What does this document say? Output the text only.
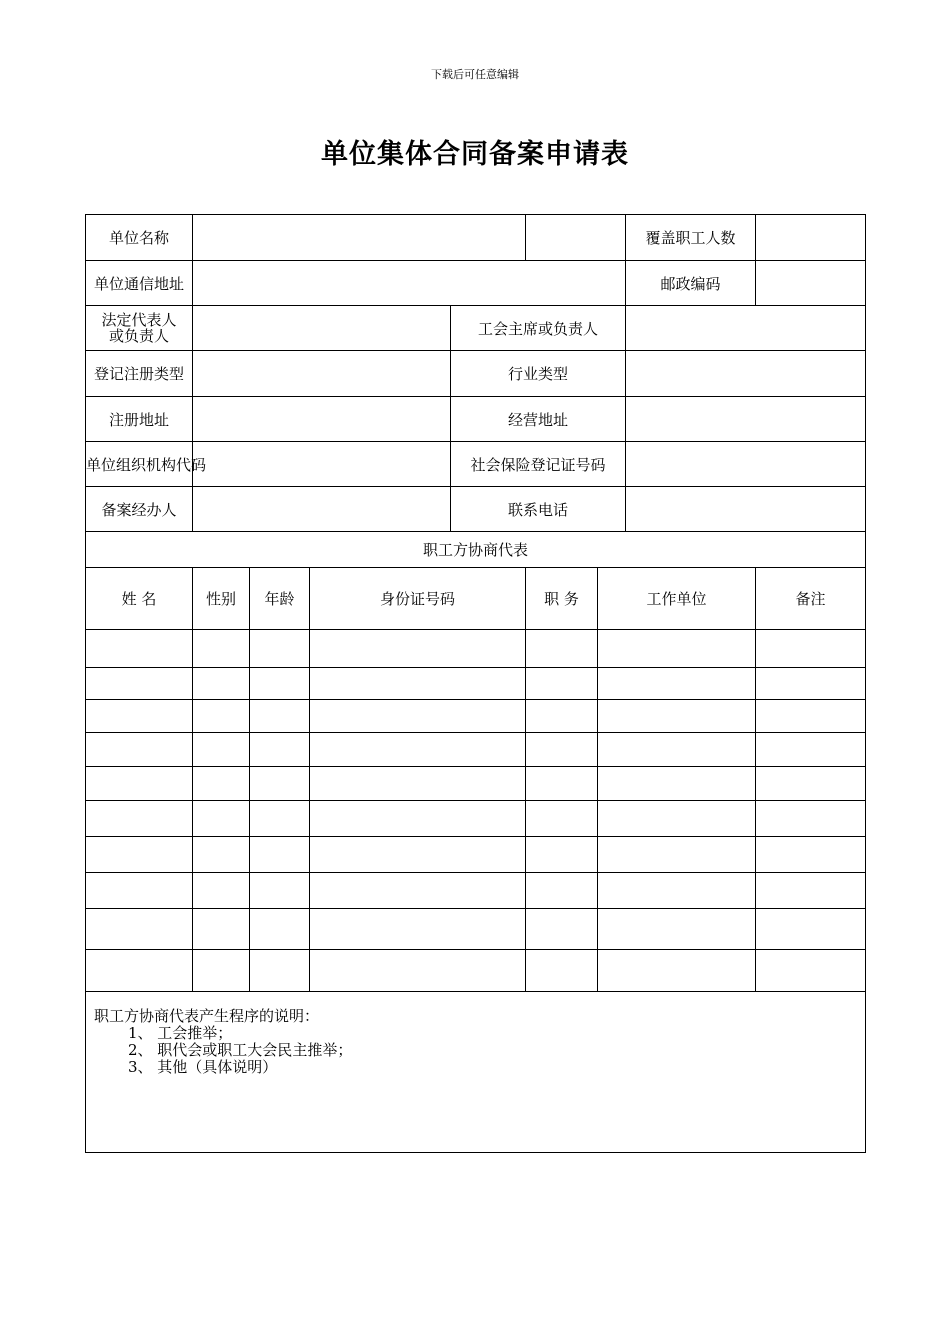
下载后可任意编辑
单位集体合同备案申请表
单位名称							覆盖职工人数	
单位通信地址							邮政编码	
法定代表人
或负责人				工会主席或负责人				
登记注册类型				行业类型				
注册地址				经营地址				
单位组织机构代码				社会保险登记证号码				
备案经办人				联系电话				
职工方协商代表								
姓 名	性别	年龄	身份证号码		职 务	工作单位		备注

职工方协商代表产生程序的说明：
1、 工会推举；
2、 职代会或职工大会民主推举；
3、 其他（具体说明）								
